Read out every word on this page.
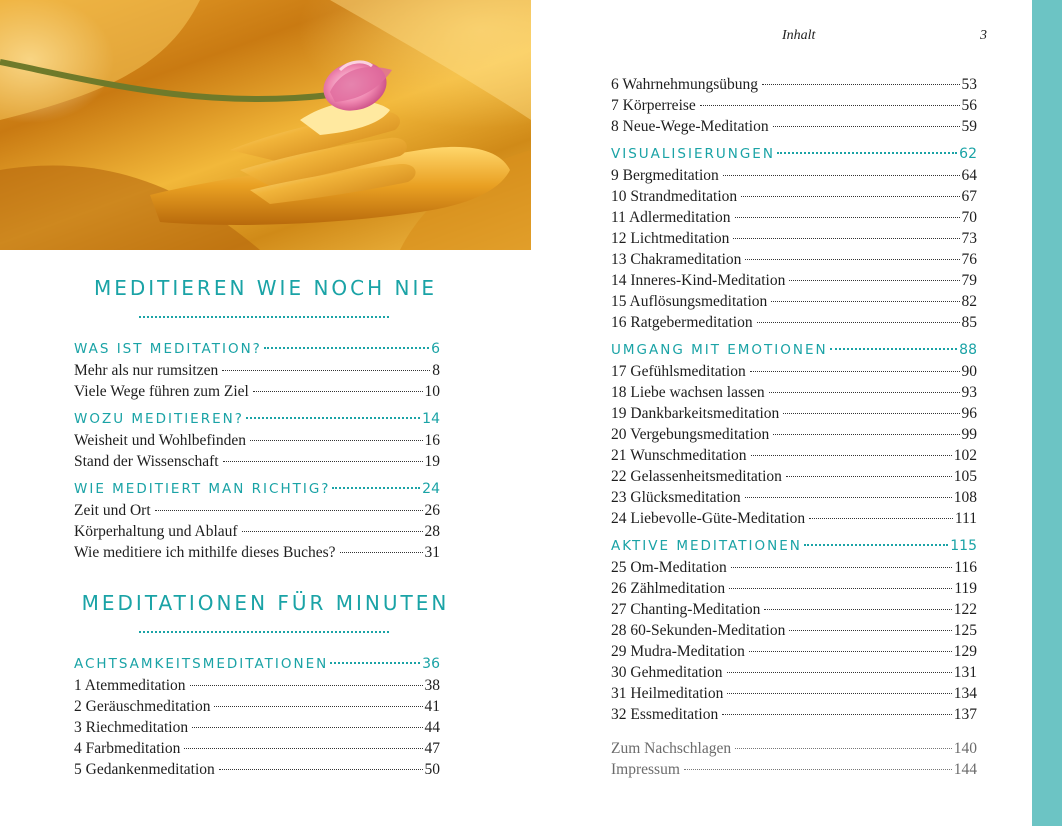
MEDITIEREN WIE NOCH NIE
WAS IST MEDITATION?	6
Mehr als nur rumsitzen	8
Viele Wege führen zum Ziel	10
WOZU MEDITIEREN?	14
Weisheit und Wohlbefinden	16
Stand der Wissenschaft	19
WIE MEDITIERT MAN RICHTIG?	24
Zeit und Ort	26
Körperhaltung und Ablauf	28
Wie meditiere ich mithilfe dieses Buches?	31
MEDITATIONEN FÜR MINUTEN
ACHTSAMKEITSMEDITATIONEN	36
1 Atemmeditation	38
2 Geräuschmeditation	41
3 Riechmeditation	44
4 Farbmeditation	47
5 Gedankenmeditation	50
Inhalt	3
6 Wahrnehmungsübung	53
7 Körperreise	56
8 Neue-Wege-Meditation	59
VISUALISIERUNGEN	62
9 Bergmeditation	64
10 Strandmeditation	67
11 Adlermeditation	70
12 Lichtmeditation	73
13 Chakrameditation	76
14 Inneres-Kind-Meditation	79
15 Auflösungsmeditation	82
16 Ratgebermeditation	85
UMGANG MIT EMOTIONEN	88
17 Gefühlsmeditation	90
18 Liebe wachsen lassen	93
19 Dankbarkeitsmeditation	96
20 Vergebungsmeditation	99
21 Wunschmeditation	102
22 Gelassenheitsmeditation	105
23 Glücksmeditation	108
24 Liebevolle-Güte-Meditation	111
AKTIVE MEDITATIONEN	115
25 Om-Meditation	116
26 Zählmeditation	119
27 Chanting-Meditation	122
28 60-Sekunden-Meditation	125
29 Mudra-Meditation	129
30 Gehmeditation	131
31 Heilmeditation	134
32 Essmeditation	137
Zum Nachschlagen	140
Impressum	144
